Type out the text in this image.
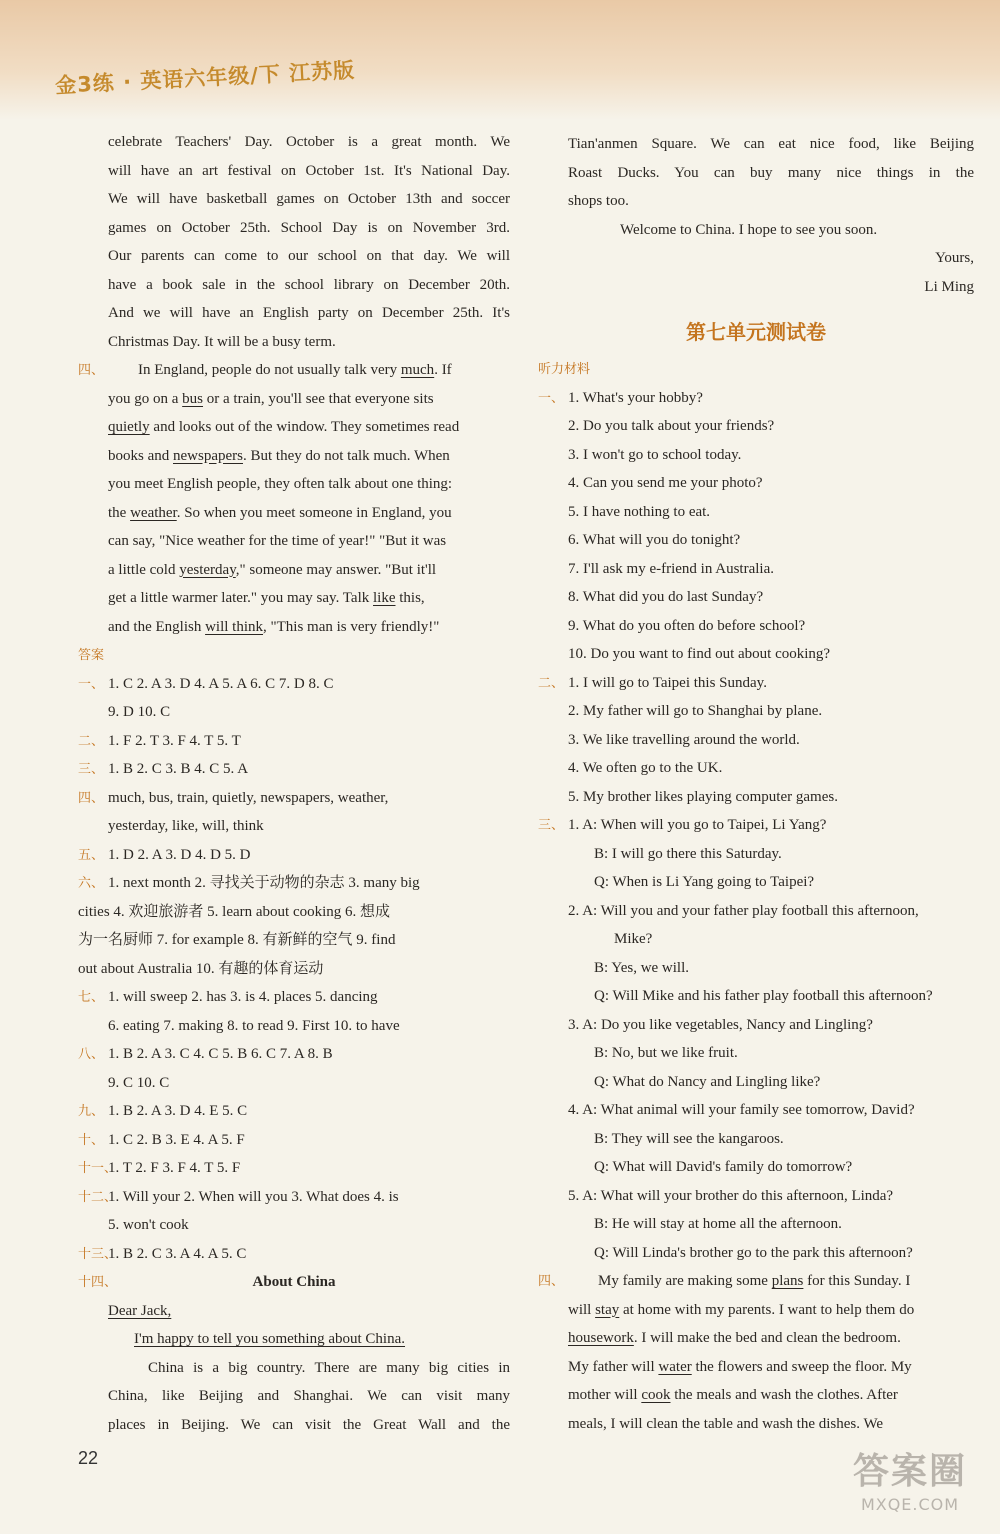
金3练 · 英语六年级/下 江苏版
celebrate Teachers' Day. October is a great month. We
will have an art festival on October 1st. It's National Day.
We will have basketball games on October 13th and soccer
games on October 25th. School Day is on November 3rd.
Our parents can come to our school on that day. We will
have a book sale in the school library on December 20th.
And we will have an English party on December 25th. It's
Christmas Day. It will be a busy term.
四、 In England, people do not usually talk very much. If
you go on a bus or a train, you'll see that everyone sits
quietly and looks out of the window. They sometimes read
books and newspapers. But they do not talk much. When
you meet English people, they often talk about one thing:
the weather. So when you meet someone in England, you
can say, "Nice weather for the time of year!" "But it was
a little cold yesterday," someone may answer. "But it'll
get a little warmer later." you may say. Talk like this,
and the English will think, "This man is very friendly!"
答案
一、 1. C 2. A 3. D 4. A 5. A 6. C 7. D 8. C
9. D 10. C
二、 1. F 2. T 3. F 4. T 5. T
三、 1. B 2. C 3. B 4. C 5. A
四、 much, bus, train, quietly, newspapers, weather,
yesterday, like, will, think
五、 1. D 2. A 3. D 4. D 5. D
六、 1. next month 2. 寻找关于动物的杂志 3. many big
cities 4. 欢迎旅游者 5. learn about cooking 6. 想成
为一名厨师 7. for example 8. 有新鲜的空气 9. find
out about Australia 10. 有趣的体育运动
七、 1. will sweep 2. has 3. is 4. places 5. dancing
6. eating 7. making 8. to read 9. First 10. to have
八、 1. B 2. A 3. C 4. C 5. B 6. C 7. A 8. B
9. C 10. C
九、 1. B 2. A 3. D 4. E 5. C
十、 1. C 2. B 3. E 4. A 5. F
十一、1. T 2. F 3. F 4. T 5. F
十二、1. Will your 2. When will you 3. What does 4. is
5. won't cook
十三、1. B 2. C 3. A 4. A 5. C
十四、	About China
Dear Jack,
I'm happy to tell you something about China.
China is a big country. There are many big cities in
China, like Beijing and Shanghai. We can visit many
places in Beijing. We can visit the Great Wall and the
Tian'anmen Square. We can eat nice food, like Beijing
Roast Ducks. You can buy many nice things in the
shops too.
Welcome to China. I hope to see you soon.
Yours,
Li Ming
第七单元测试卷
听力材料
一、 1. What's your hobby?
2. Do you talk about your friends?
3. I won't go to school today.
4. Can you send me your photo?
5. I have nothing to eat.
6. What will you do tonight?
7. I'll ask my e-friend in Australia.
8. What did you do last Sunday?
9. What do you often do before school?
10. Do you want to find out about cooking?
二、 1. I will go to Taipei this Sunday.
2. My father will go to Shanghai by plane.
3. We like travelling around the world.
4. We often go to the UK.
5. My brother likes playing computer games.
三、 1. A: When will you go to Taipei, Li Yang?
B: I will go there this Saturday.
Q: When is Li Yang going to Taipei?
2. A: Will you and your father play football this afternoon,
Mike?
B: Yes, we will.
Q: Will Mike and his father play football this afternoon?
3. A: Do you like vegetables, Nancy and Lingling?
B: No, but we like fruit.
Q: What do Nancy and Lingling like?
4. A: What animal will your family see tomorrow, David?
B: They will see the kangaroos.
Q: What will David's family do tomorrow?
5. A: What will your brother do this afternoon, Linda?
B: He will stay at home all the afternoon.
Q: Will Linda's brother go to the park this afternoon?
四、 My family are making some plans for this Sunday. I
will stay at home with my parents. I want to help them do
housework. I will make the bed and clean the bedroom.
My father will water the flowers and sweep the floor. My
mother will cook the meals and wash the clothes. After
meals, I will clean the table and wash the dishes. We
22	答案圈
MXQE.COM
